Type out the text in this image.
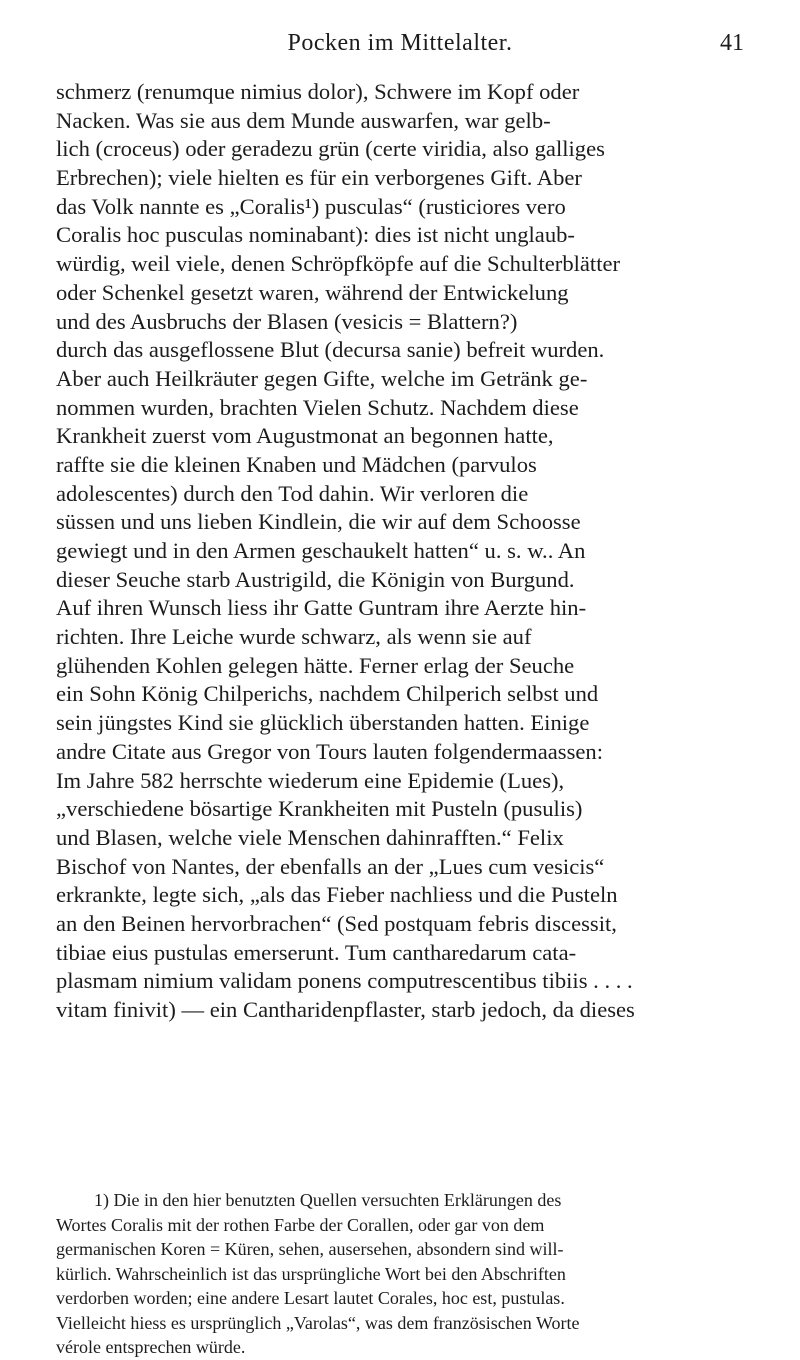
Pocken im Mittelalter.	41
schmerz (renumque nimius dolor), Schwere im Kopf oder
Nacken. Was sie aus dem Munde auswarfen, war gelb-
lich (croceus) oder geradezu grün (certe viridia, also galliges
Erbrechen); viele hielten es für ein verborgenes Gift. Aber
das Volk nannte es „Coralis¹) pusculas“ (rusticiores vero
Coralis hoc pusculas nominabant): dies ist nicht unglaub-
würdig, weil viele, denen Schröpfköpfe auf die Schulterblätter
oder Schenkel gesetzt waren, während der Entwickelung
und des Ausbruchs der Blasen (vesicis = Blattern?)
durch das ausgeflossene Blut (decursa sanie) befreit wurden.
Aber auch Heilkräuter gegen Gifte, welche im Getränk ge-
nommen wurden, brachten Vielen Schutz. Nachdem diese
Krankheit zuerst vom Augustmonat an begonnen hatte,
raffte sie die kleinen Knaben und Mädchen (parvulos
adolescentes) durch den Tod dahin. Wir verloren die
süssen und uns lieben Kindlein, die wir auf dem Schoosse
gewiegt und in den Armen geschaukelt hatten“ u. s. w.. An
dieser Seuche starb Austrigild, die Königin von Burgund.
Auf ihren Wunsch liess ihr Gatte Guntram ihre Aerzte hin-
richten. Ihre Leiche wurde schwarz, als wenn sie auf
glühenden Kohlen gelegen hätte. Ferner erlag der Seuche
ein Sohn König Chilperichs, nachdem Chilperich selbst und
sein jüngstes Kind sie glücklich überstanden hatten. Einige
andre Citate aus Gregor von Tours lauten folgendermaassen:
Im Jahre 582 herrschte wiederum eine Epidemie (Lues),
„verschiedene bösartige Krankheiten mit Pusteln (pusulis)
und Blasen, welche viele Menschen dahinrafften.“ Felix
Bischof von Nantes, der ebenfalls an der „Lues cum vesicis“
erkrankte, legte sich, „als das Fieber nachliess und die Pusteln
an den Beinen hervorbrachen“ (Sed postquam febris discessit,
tibiae eius pustulas emerserunt. Tum cantharedarum cata-
plasmam nimium validam ponens computrescentibus tibiis . . . .
vitam finivit) — ein Cantharidenpflaster, starb jedoch, da dieses
1) Die in den hier benutzten Quellen versuchten Erklärungen des
Wortes Coralis mit der rothen Farbe der Corallen, oder gar von dem
germanischen Koren = Küren, sehen, ausersehen, absondern sind will-
kürlich. Wahrscheinlich ist das ursprüngliche Wort bei den Abschriften
verdorben worden; eine andere Lesart lautet Corales, hoc est, pustulas.
Vielleicht hiess es ursprünglich „Varolas“, was dem französischen Worte
vérole entsprechen würde.
